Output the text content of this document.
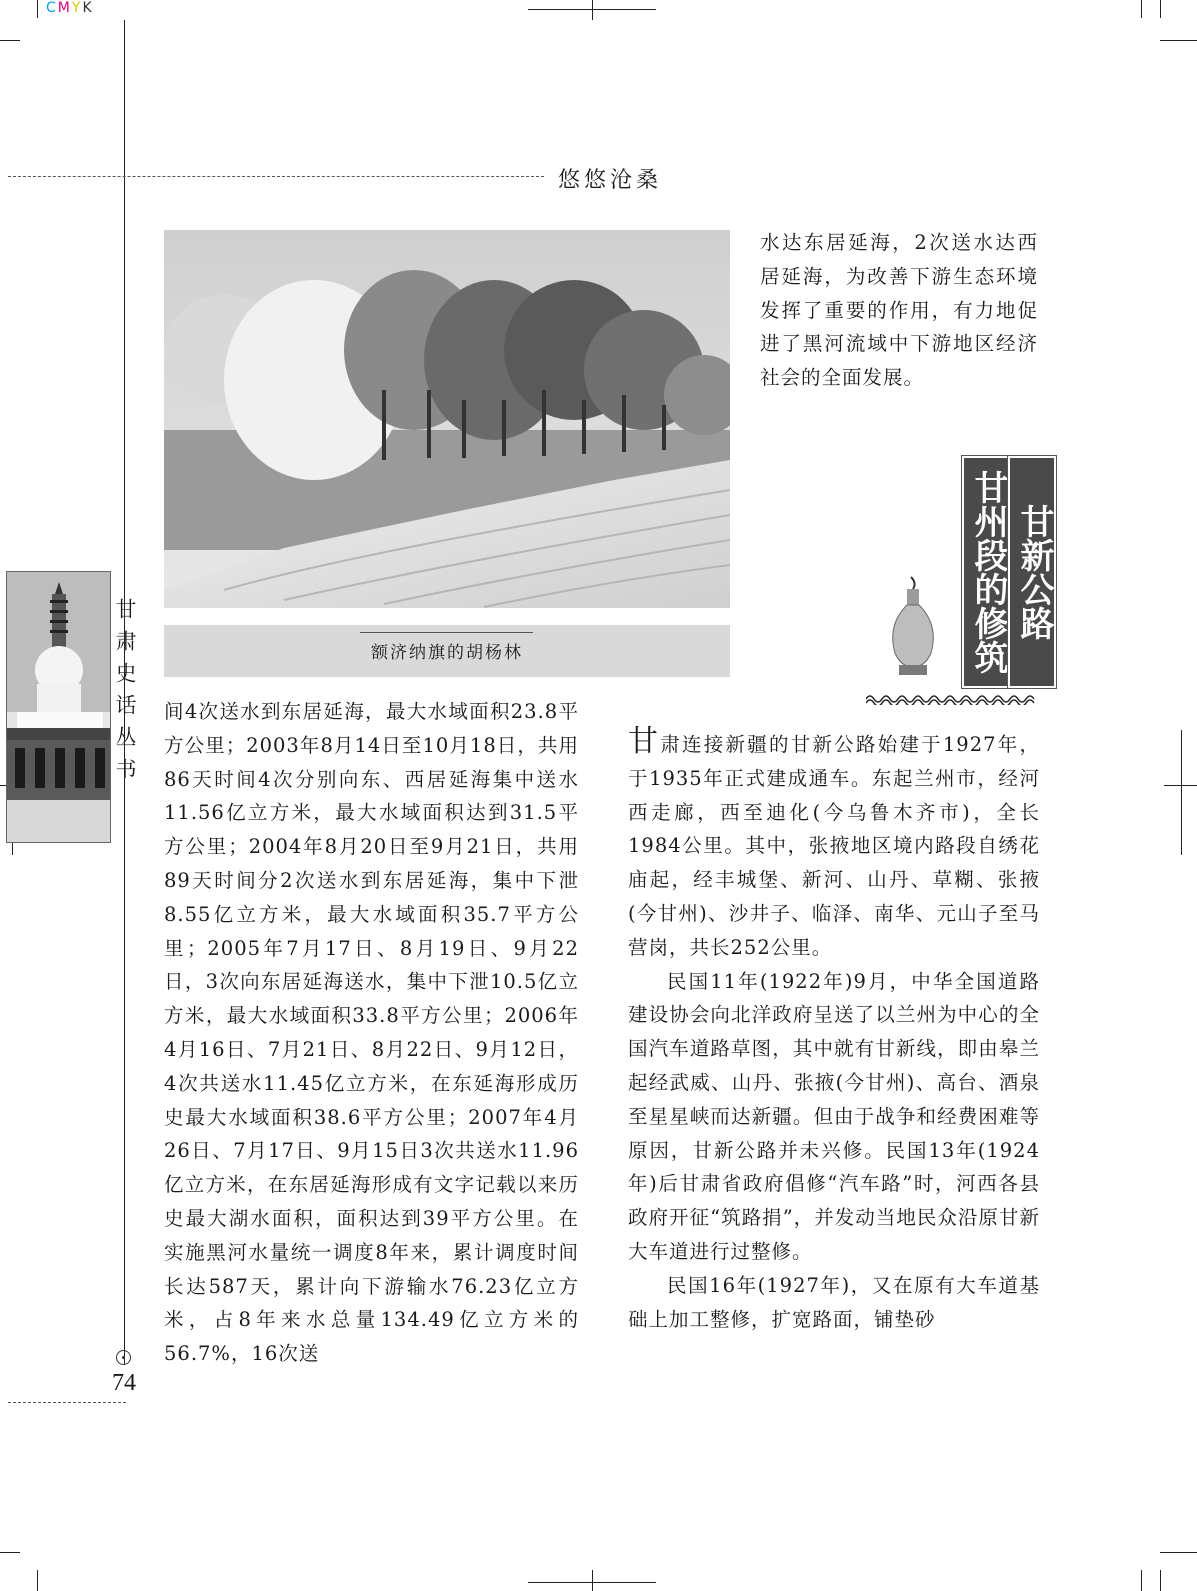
CMYK
悠悠沧桑
甘肃史话丛书	额济纳旗的胡杨林

水达东居延海，2次送水达西居延海，为改善下游生态环境发挥了重要的作用，有力地促进了黑河流域中下游地区经济社会的全面发展。

甘州段的修筑 甘新公路

间4次送水到东居延海，最大水域面积23.8平方公里；2003年8月14日至10月18日，共用86天时间4次分别向东、西居延海集中送水11.56亿立方米，最大水域面积达到31.5平方公里；2004年8月20日至9月21日，共用89天时间分2次送水到东居延海，集中下泄8.55亿立方米，最大水域面积35.7平方公里；2005年7月17日、8月19日、9月22日，3次向东居延海送水，集中下泄10.5亿立方米，最大水域面积33.8平方公里；2006年4月16日、7月21日、8月22日、9月12日，4次共送水11.45亿立方米，在东延海形成历史最大水域面积38.6平方公里；2007年4月26日、7月17日、9月15日3次共送水11.96亿立方米，在东居延海形成有文字记载以来历史最大湖水面积，面积达到39平方公里。在实施黑河水量统一调度8年来，累计调度时间长达587天，累计向下游输水76.23亿立方米，占8年来水总量134.49亿立方米的56.7%，16次送

甘肃连接新疆的甘新公路始建于1927年，于1935年正式建成通车。东起兰州市，经河西走廊，西至迪化(今乌鲁木齐市)，全长1984公里。其中，张掖地区境内路段自绣花庙起，经丰城堡、新河、山丹、草糊、张掖(今甘州)、沙井子、临泽、南华、元山子至马营岗，共长252公里。

民国11年(1922年)9月，中华全国道路建设协会向北洋政府呈送了以兰州为中心的全国汽车道路草图，其中就有甘新线，即由皋兰起经武威、山丹、张掖(今甘州)、高台、酒泉至星星峡而达新疆。但由于战争和经费困难等原因，甘新公路并未兴修。民国13年(1924年)后甘肃省政府倡修“汽车路”时，河西各县政府开征“筑路捐”，并发动当地民众沿原甘新大车道进行过整修。

民国16年(1927年)，又在原有大车道基础上加工整修，扩宽路面，铺垫砂

74
